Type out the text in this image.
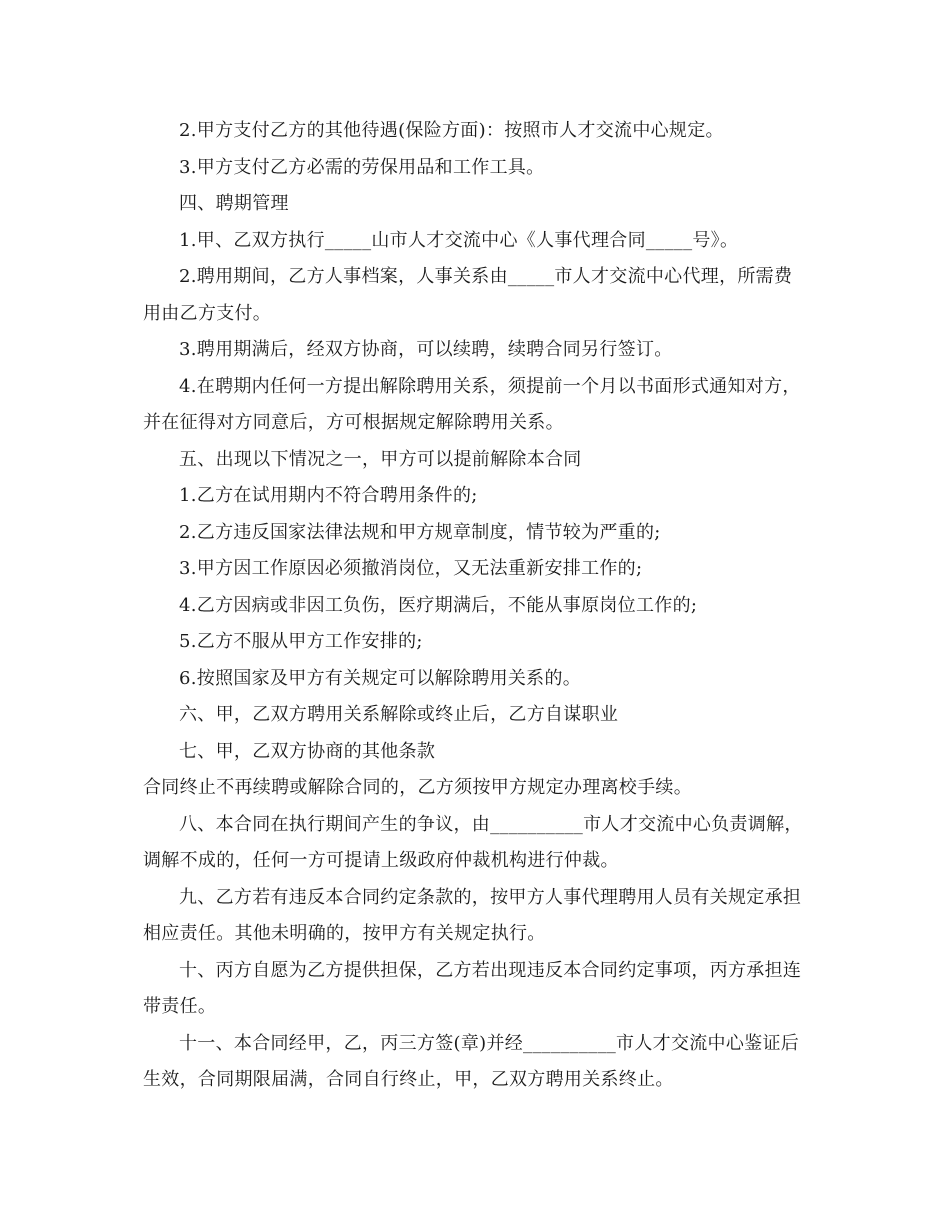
2.甲方支付乙方的其他待遇(保险方面)：按照市人才交流中心规定。

3.甲方支付乙方必需的劳保用品和工作工具。

四、聘期管理

1.甲、乙双方执行_____山市人才交流中心《人事代理合同_____号》。

2.聘用期间，乙方人事档案，人事关系由_____市人才交流中心代理，所需费用由乙方支付。

3.聘用期满后，经双方协商，可以续聘，续聘合同另行签订。

4.在聘期内任何一方提出解除聘用关系，须提前一个月以书面形式通知对方，并在征得对方同意后，方可根据规定解除聘用关系。

五、出现以下情况之一，甲方可以提前解除本合同

1.乙方在试用期内不符合聘用条件的;

2.乙方违反国家法律法规和甲方规章制度，情节较为严重的;

3.甲方因工作原因必须撤消岗位，又无法重新安排工作的;

4.乙方因病或非因工负伤，医疗期满后，不能从事原岗位工作的;

5.乙方不服从甲方工作安排的;

6.按照国家及甲方有关规定可以解除聘用关系的。

六、甲，乙双方聘用关系解除或终止后，乙方自谋职业

七、甲，乙双方协商的其他条款

合同终止不再续聘或解除合同的，乙方须按甲方规定办理离校手续。

八、本合同在执行期间产生的争议，由__________市人才交流中心负责调解，调解不成的，任何一方可提请上级政府仲裁机构进行仲裁。

九、乙方若有违反本合同约定条款的，按甲方人事代理聘用人员有关规定承担相应责任。其他未明确的，按甲方有关规定执行。

十、丙方自愿为乙方提供担保，乙方若出现违反本合同约定事项，丙方承担连带责任。

十一、本合同经甲，乙，丙三方签(章)并经__________市人才交流中心鉴证后生效，合同期限届满，合同自行终止，甲，乙双方聘用关系终止。
